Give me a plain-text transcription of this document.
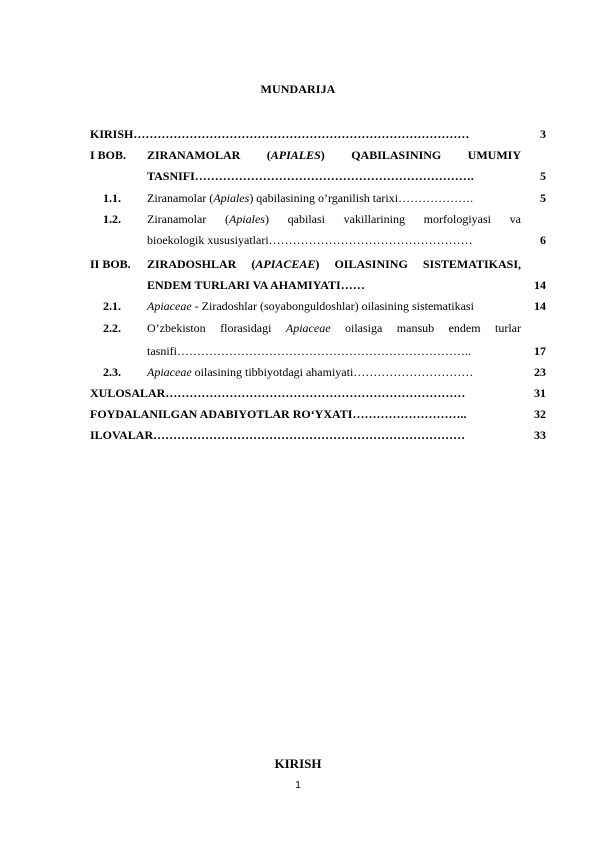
MUNDARIJA
KIRISH…………………………………………………………………………	3
I BOB. ZIRANAMOLAR (APIALES) QABILASINING UMUMIY
TASNIFI…………………………………………………………….	5
1.1. Ziranamolar (Apiales) qabilasining o’rganilish tarixi……………….	5
1.2. Ziranamolar (Apiales) qabilasi vakillarining morfologiyasi va
bioekologik xususiyatlari……………………………………………	6
II BOB. ZIRADOSHLAR (APIACEAE) OILASINING SISTEMATIKASI,
ENDEM TURLARI VA AHAMIYATI……	14
2.1. Apiaceae - Ziradoshlar (soyabonguldoshlar) oilasining sistematikasi	14
2.2. O’zbekiston florasidagi Apiaceae oilasiga mansub endem turlar
tasnifi………………………………………………………………..	17
2.3. Apiaceae oilasining tibbiyotdagi ahamiyati…………………………	23
XULOSALAR…………………………………………………………………	31
FOYDALANILGAN ADABIYOTLAR RO‘YXATI………………………..	32
ILOVALAR……………………………………………………………………	33
KIRISH
1
